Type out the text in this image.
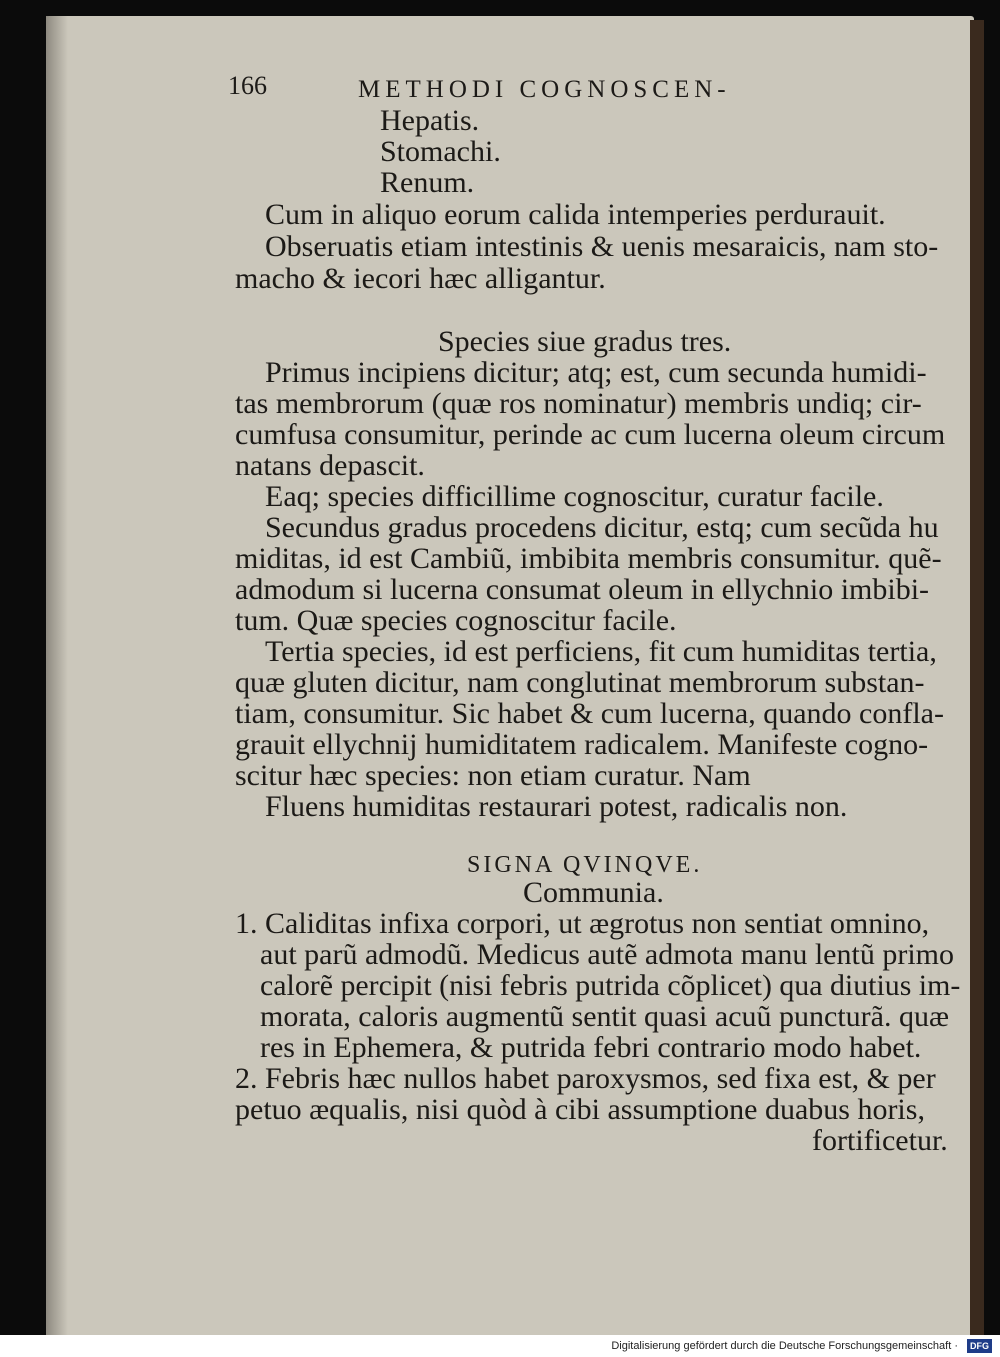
166	METHODI COGNOSCEN-
Hepatis.
Stomachi.
Renum.
Cum in aliquo eorum calida intemperies perdurauit.
Obseruatis etiam intestinis & uenis mesaraicis, nam sto-
macho & iecori hæc alligantur.
Species siue gradus tres.
Primus incipiens dicitur; atq; est, cum secunda humidi-
tas membrorum (quæ ros nominatur) membris undiq; cir-
cumfusa consumitur, perinde ac cum lucerna oleum circum
natans depascit.
Eaq; species difficillime cognoscitur, curatur facile.
Secundus gradus procedens dicitur, estq; cum secũda hu
miditas, id est Cambiũ, imbibita membris consumitur. quẽ-
admodum si lucerna consumat oleum in ellychnio imbibi-
tum. Quæ species cognoscitur facile.
Tertia species, id est perficiens, fit cum humiditas tertia,
quæ gluten dicitur, nam conglutinat membrorum substan-
tiam, consumitur. Sic habet & cum lucerna, quando confla-
grauit ellychnij humiditatem radicalem. Manifeste cogno-
scitur hæc species: non etiam curatur. Nam
Fluens humiditas restaurari potest, radicalis non.
SIGNA QVINQVE.
Communia.
1. Caliditas infixa corpori, ut ægrotus non sentiat omnino,
aut parũ admodũ. Medicus autẽ admota manu lentũ primo
calorẽ percipit (nisi febris putrida cõplicet) qua diutius im-
morata, caloris augmentũ sentit quasi acuũ puncturã. quæ
res in Ephemera, & putrida febri contrario modo habet.
2. Febris hæc nullos habet paroxysmos, sed fixa est, & per
petuo æqualis, nisi quòd à cibi assumptione duabus horis,
fortificetur.
Digitalisierung gefördert durch die Deutsche Forschungsgemeinschaft ·	DFG
